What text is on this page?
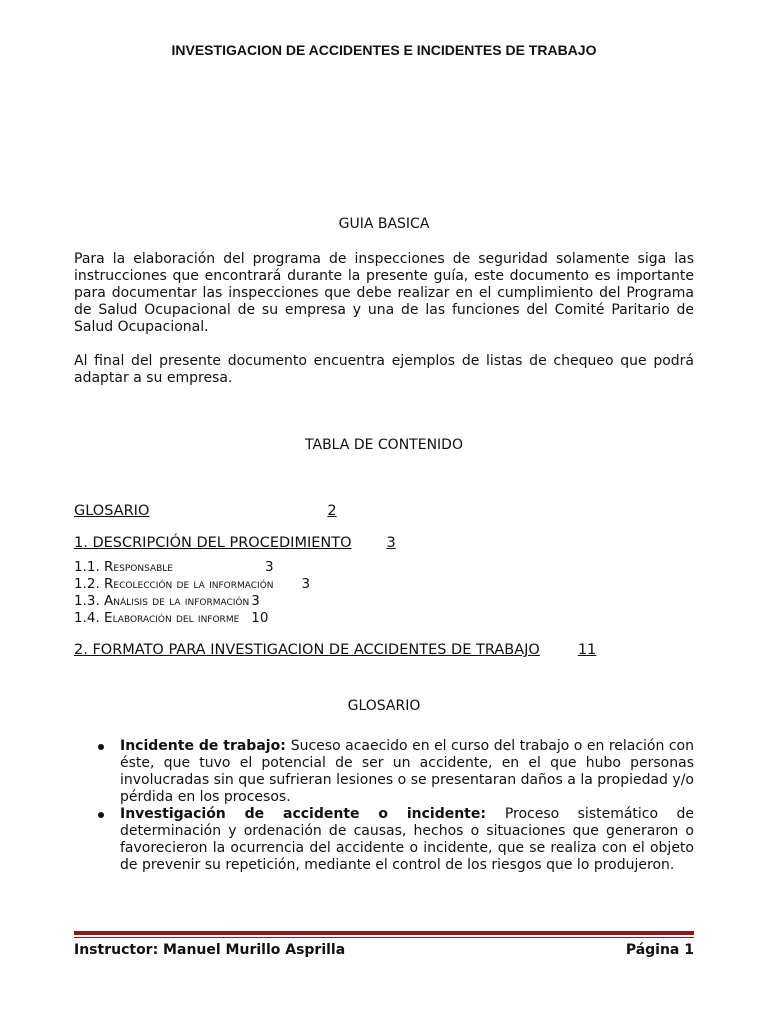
INVESTIGACION DE ACCIDENTES E INCIDENTES DE TRABAJO
GUIA BASICA
Para la elaboración del programa de inspecciones de seguridad solamente siga las instrucciones que encontrará durante la presente guía, este documento es importante para documentar las inspecciones que debe realizar en el cumplimiento del Programa de Salud Ocupacional de su empresa y una de las funciones del Comité Paritario de Salud Ocupacional.
Al final del presente documento encuentra ejemplos de listas de chequeo que podrá adaptar a su empresa.
TABLA DE CONTENIDO
GLOSARIO	2
1. DESCRIPCIÓN DEL PROCEDIMIENTO 3
1.1. Responsable	3
1.2. Recolección de la información 3
1.3. Análisis de la información 3
1.4. Elaboración del informe 10
2. FORMATO PARA INVESTIGACION DE ACCIDENTES DE TRABAJO	11
GLOSARIO
Incidente de trabajo: Suceso acaecido en el curso del trabajo o en relación con éste, que tuvo el potencial de ser un accidente, en el que hubo personas involucradas sin que sufrieran lesiones o se presentaran daños a la propiedad y/o pérdida en los procesos.
Investigación de accidente o incidente: Proceso sistemático de determinación y ordenación de causas, hechos o situaciones que generaron o favorecieron la ocurrencia del accidente o incidente, que se realiza con el objeto de prevenir su repetición, mediante el control de los riesgos que lo produjeron.
Instructor: Manuel Murillo Asprilla	Página 1
